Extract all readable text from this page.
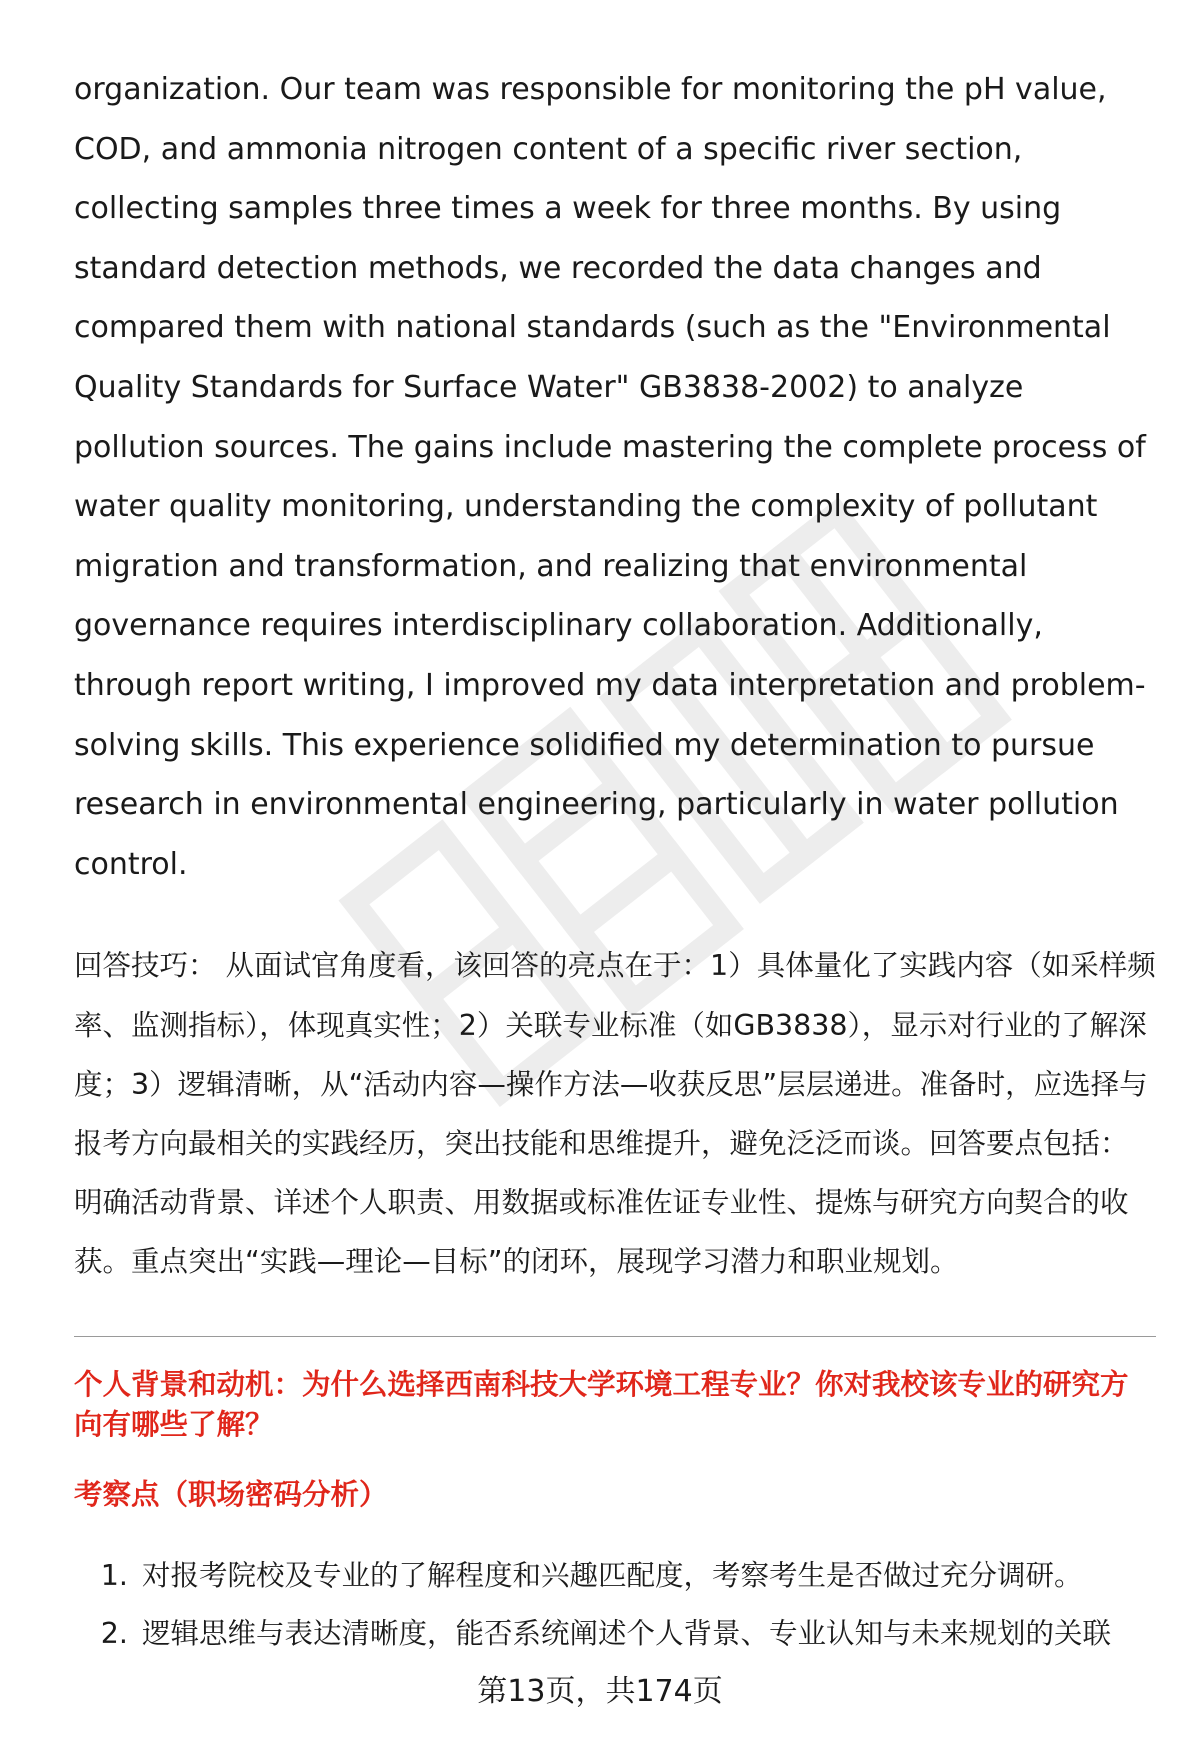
organization. Our team was responsible for monitoring the pH value, COD, and ammonia nitrogen content of a specific river section, collecting samples three times a week for three months. By using standard detection methods, we recorded the data changes and compared them with national standards (such as the "Environmental Quality Standards for Surface Water" GB3838-2002) to analyze pollution sources. The gains include mastering the complete process of water quality monitoring, understanding the complexity of pollutant migration and transformation, and realizing that environmental governance requires interdisciplinary collaboration. Additionally, through report writing, I improved my data interpretation and problem-solving skills. This experience solidified my determination to pursue research in environmental engineering, particularly in water pollution control.

回答技巧： 从面试官角度看，该回答的亮点在于：1）具体量化了实践内容（如采样频率、监测指标），体现真实性；2）关联专业标准（如GB3838），显示对行业的了解深度；3）逻辑清晰，从“活动内容—操作方法—收获反思”层层递进。准备时，应选择与报考方向最相关的实践经历，突出技能和思维提升，避免泛泛而谈。回答要点包括：明确活动背景、详述个人职责、用数据或标准佐证专业性、提炼与研究方向契合的收获。重点突出“实践—理论—目标”的闭环，展现学习潜力和职业规划。

个人背景和动机：为什么选择西南科技大学环境工程专业？你对我校该专业的研究方向有哪些了解？
考察点（职场密码分析）
1. 对报考院校及专业的了解程度和兴趣匹配度，考察考生是否做过充分调研。
2. 逻辑思维与表达清晰度，能否系统阐述个人背景、专业认知与未来规划的关联
第13页，共174页
